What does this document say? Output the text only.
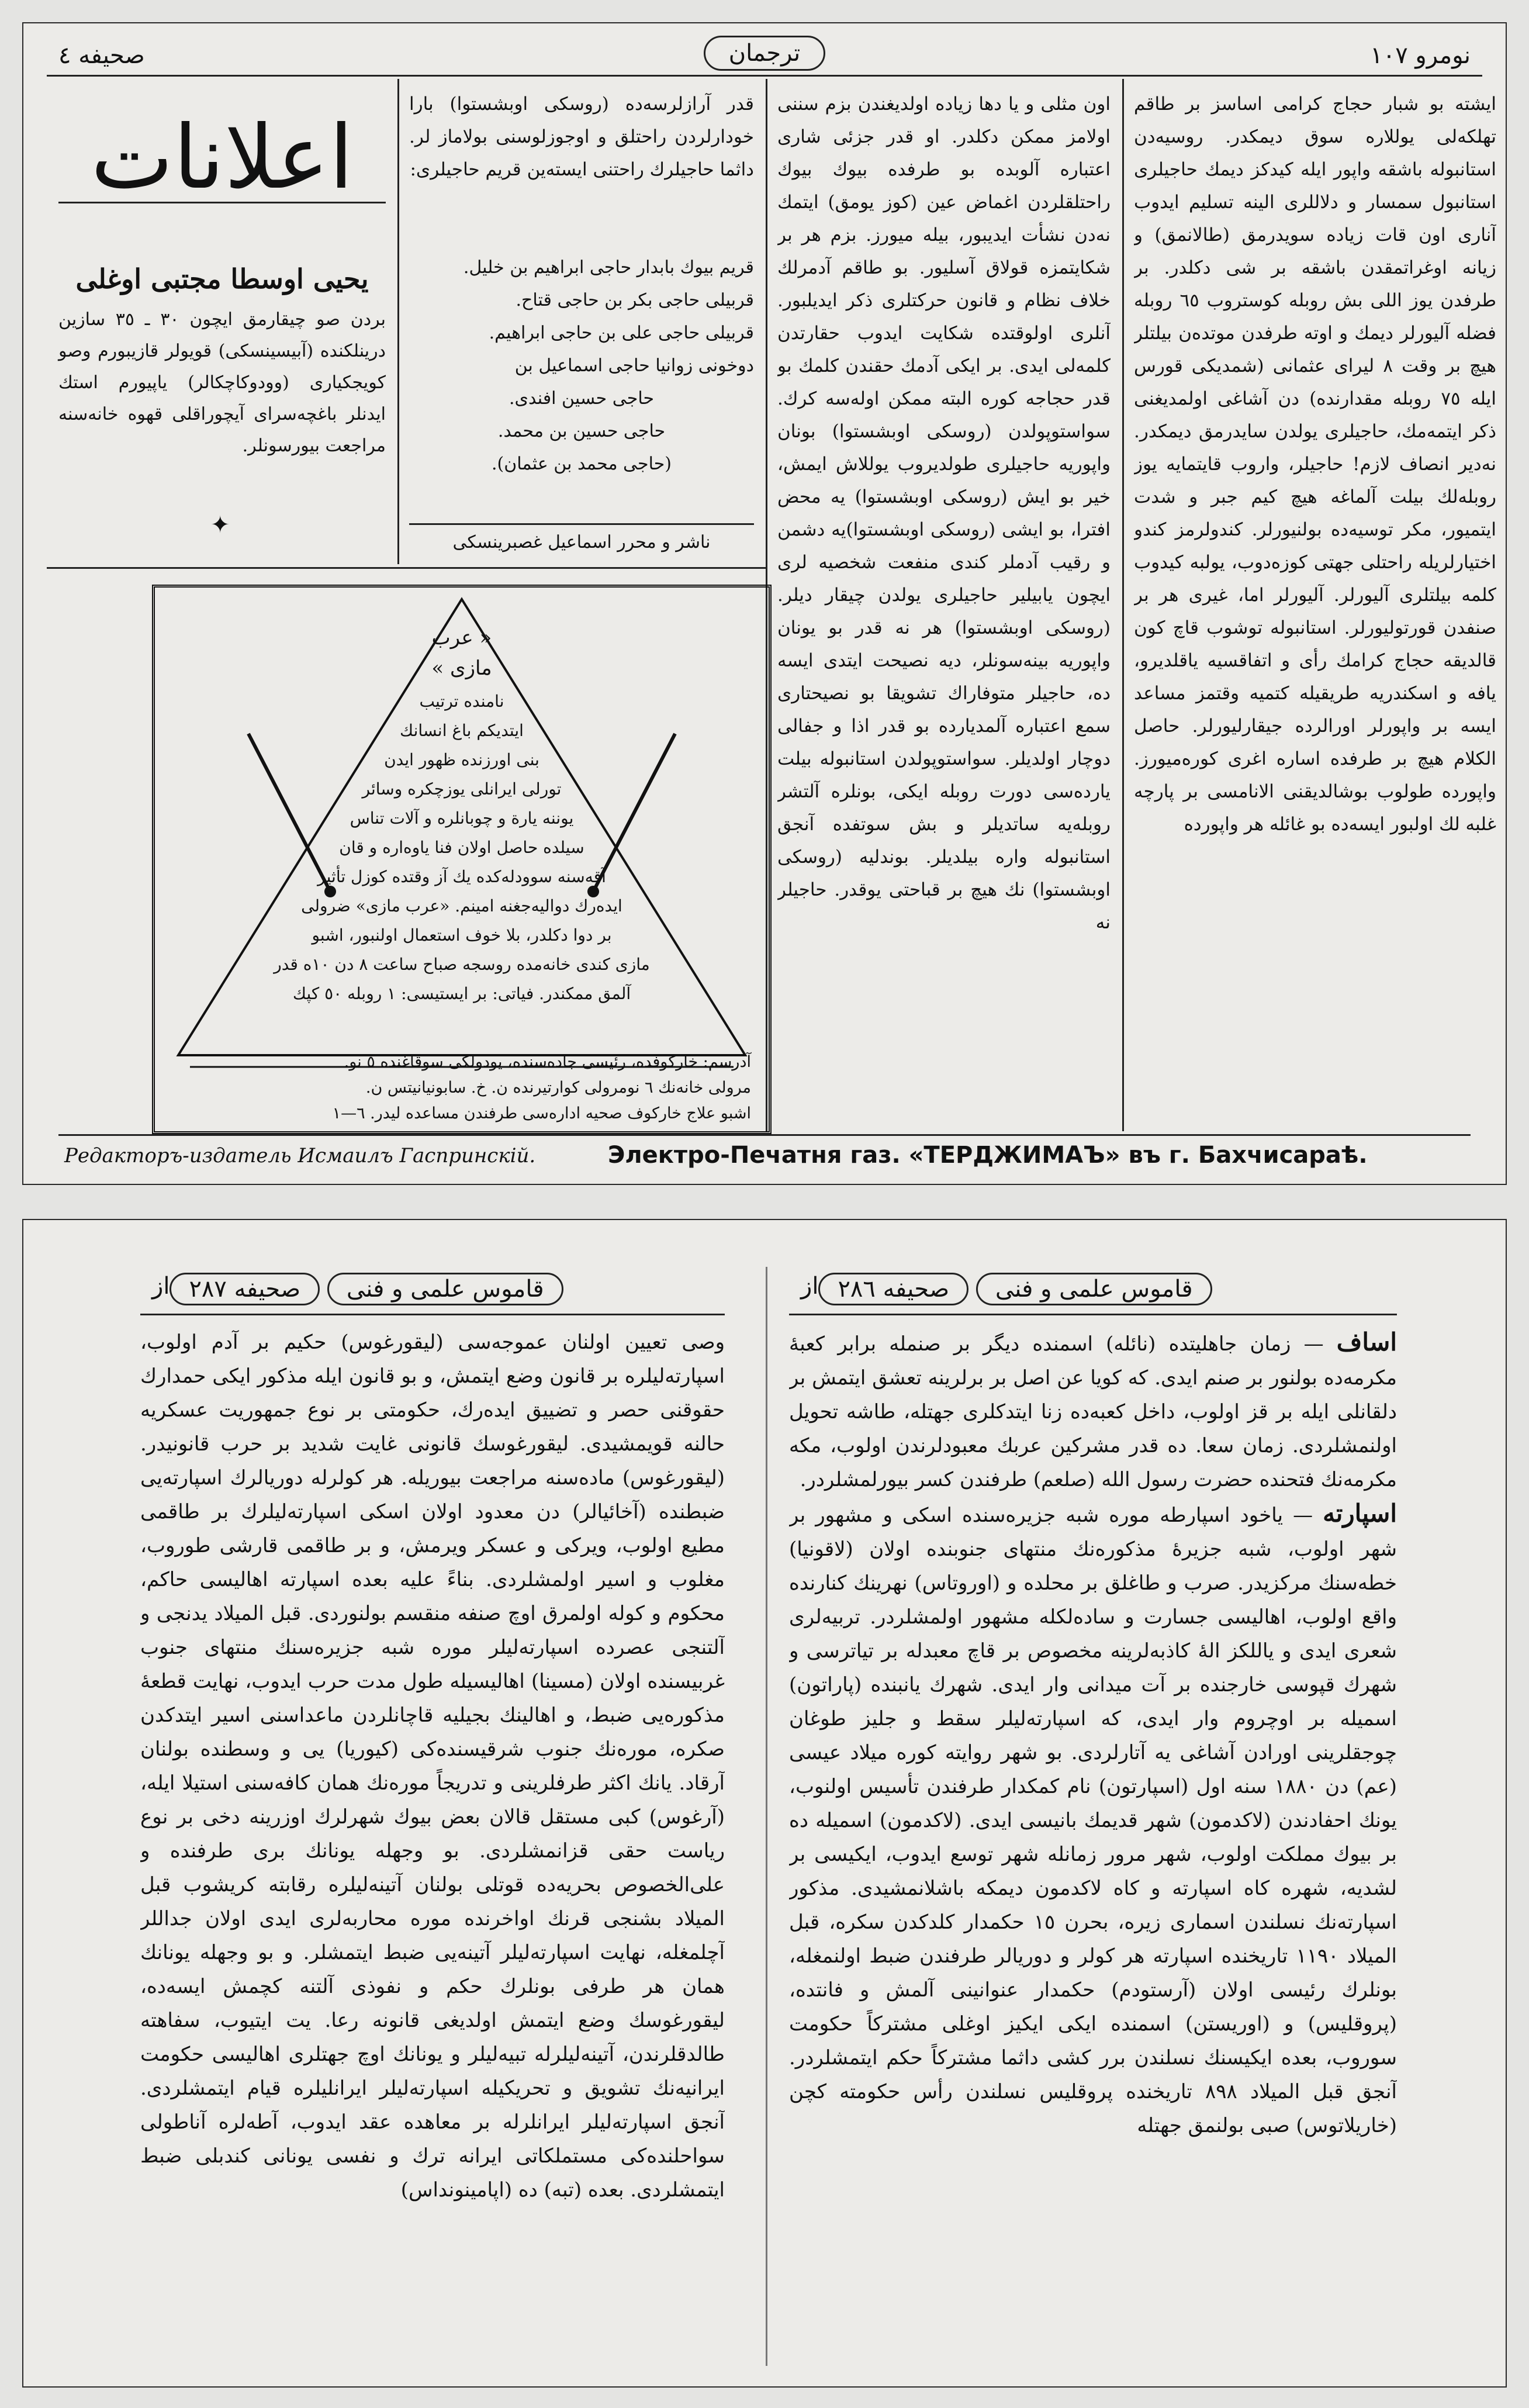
صحيفه ٤	ترجمان	نومرو ١٠٧
ايشته بو شبار حجاج كرامى اساسز بر طاقم تهلكه‌لى يوللاره سوق ديمكدر. روسيه‌دن استانبوله باشقه واپور ايله كيدكز ديمك حاجيلرى استانبول سمسار و دلاللرى الينه تسليم ايدوب آنارى اون قات زياده سويدرمق (طالانمق) و زيانه اوغراتمقدن باشقه بر شى دكلدر. بر طرفدن يوز اللى بش روبله كوستروب ٦٥ روبله فضله آليورلر ديمك و اوته طرفدن موتده‌ن بيلتلر هيچ بر وقت ٨ ليراى عثمانى (شمديكى قورس ايله ٧٥ روبله مقدارنده) دن آشاغى اولمديغنى ذكر ايتمه‌مك، حاجيلرى يولدن سايدرمق ديمكدر. نه‌دير انصاف لازم! حاجيلر، واروب قايتمايه يوز روبله‌لك بيلت آلماغه هيچ كيم جبر و شدت ايتميور، مكر توسيه‌ده بولنيورلر. كندولرمز كندو اختيارلريله راحتلى جهتى كوزه‌دوب، يولبه كيدوب كلمه بيلتلرى آليورلر. آليورلر اما، غيرى هر بر صنفدن قورتوليورلر. استانبوله توشوب قاچ كون قالديقه حجاج كرامك رأى و اتفاقسيه ياقلديرو، يافه و اسكندريه طريقيله كتميه وقتمز مساعد ايسه بر واپورلر اورالرده جيقارليورلر. حاصل الكلام هيچ بر طرفده اساره اغرى كوره‌ميورز. واپورده طولوب بوشالديقنى الانامسى بر پارچه غلبه لك اولبور ايسه‌ده بو غائله هر واپورده
اون مثلى و يا دها زياده اولديغندن بزم سننى اولامز ممكن دكلدر. او قدر جزئى شارى اعتباره آلوبده بو طرفده بيوك بيوك راحتلقلردن اغماض عين (كوز يومق) ايتمك نه‌دن نشأت ايديبور، بيله ميورز. بزم هر بر شكايتمزه قولاق آسليور. بو طاقم آدمرلك خلاف نظام و قانون حركتلرى ذكر ايديلبور. آنلرى اولوقتده شكايت ايدوب حقارتدن كلمه‌لى ايدى. بر ايكى آدمك حقندن كلمك بو قدر حجاجه كوره البته ممكن اوله‌سه كرك. سواستوپولدن (روسكى اوبشستوا) بونان واپوريه حاجيلرى طولديروب يوللاش ايمش، خير بو ايش (روسكى اوبشستوا) يه محض افترا، بو ايشى (روسكى اوبشستوا)يه دشمن و رقيب آدملر كندى منفعت شخصيه لرى ايچون يابيلير حاجيلرى يولدن چيقار ديلر. (روسكى اوبشستوا) هر نه قدر بو يونان واپوريه بينه‌سونلر، ديه نصيحت ايتدى ايسه ده، حاجيلر متوفاراك تشويقا بو نصيحتارى سمع اعتباره آلمديارده بو قدر اذا و جفالى دوچار اولديلر. سواستوپولدن استانبوله بيلت يارده‌سى دورت روبله ايكى، بونلره آلتشر روبله‌يه ساتديلر و بش سوتفده آنجق استانبوله واره بيلديلر. بوندليه (روسكى اوبشستوا) نك هيچ بر قباحتى يوقدر. حاجيلر نه
قدر آرازلرسه‌ده (روسكى اوبشستوا) بارا خودارلردن راحتلق و اوجوزلوسنى بولاماز لر. داثما حاجيلرك راحتنى ايسته‌ين قريم حاجيلرى:
قريم بيوك بابدار حاجى ابراهيم بن خليل.
قربيلى حاجى بكر بن حاجى قتاح.
قربيلى حاجى على بن حاجى ابراهيم.
دوخونى زوانيا حاجى اسماعيل بن
حاجى حسين افندى.
حاجى حسين بن محمد.
(حاجى محمد بن عثمان).
ناشر و محرر اسماعيل غصبرينسكى
اعلانات
يحيى اوسطا مجتبى اوغلى
بردن صو چيقارمق ايچون ٣٠ ـ ٣٥ سازين درينلكنده (آبيسينسكى) قويولر قازيبورم وصو كويجكيارى (وودوكاچكالر) ياپيورم استك ايدنلر باغچه‌سراى آيچوراقلى قهوه خانه‌سنه مراجعت بيورسونلر.
✦
« عرب
مازى »
نامنده ترتيب
ايتديكم باغ انسانك
بنى اورزنده ظهور ايدن
تورلى ايرانلى يوزچكره وسائر
يوننه يارة و چوبانلره و آلات تناس
سيلده حاصل اولان فنا ياوه‌اره و قان
آقه‌سنه سوودله‌كده يك آز وقتده كوزل تأثير
ايده‌رك دواليه‌جغنه امينم. «عرب مازى» ضرولى
بر دوا دكلدر، بلا خوف استعمال اولنبور، اشبو
مازى كندى خانه‌مده روسجه صباح ساعت ٨ دن ١٠ه قدر
آلمق ممكندر. فياتى: بر ايستيسى: ١ روبله ٥٠ كپك
آدرسم: خاركوفده، رئيسى جاده‌سنده، يودولكى سوقاغنده ٥ نو.
مرولى خانه‌نك ٦ نومرولى كوارتيرنده ن. خ. سابونيانيتس ن.
اشبو علاج خاركوف صحيه اداره‌سى طرفندن مساعده ليدر. ٦—١
Редакторъ-издатель Исмаилъ Гаспринскій.	Электро-Печатня газ. «ТЕРДЖИМАЪ» въ г. Бахчисараѣ.
صحيفه ٢٨٧ قاموس علمى و فنى
از	صحيفه ٢٨٦ قاموس علمى و فنى
از
وصى تعيين اولنان عموجه‌سى (ليقورغوس) حكيم بر آدم اولوب، اسپارته‌ليلره بر قانون وضع ايتمش، و بو قانون ايله مذكور ايكى حمدارك حقوقنى حصر و تضييق ايده‌رك، حكومتى بر نوع جمهوريت عسكريه حالنه قويمشيدى. ليقورغوسك قانونى غايت شديد بر حرب قانونيدر. (ليقورغوس) ماده‌سنه مراجعت بيوريله. هر كولرله دوريالرك اسپارته‌يى ضبطنده (آخائيالر) دن معدود اولان اسكى اسپارته‌ليلرك بر طاقمى مطيع اولوب، ويركى و عسكر ويرمش، و بر طاقمى قارشى طوروب، مغلوب و اسير اولمشلردى. بناءً عليه بعده اسپارته اهاليسى حاكم، محكوم و كوله اولمرق اوچ صنفه منقسم بولنوردى. قبل الميلاد يدنجى و آلتنجى عصرده اسپارته‌ليلر موره شبه جزيره‌سنك منتهاى جنوب غربيسنده اولان (مسينا) اهاليسيله طول مدت حرب ايدوب، نهايت قطعهٔ مذكوره‌يى ضبط، و اهالينك بجيليه قاچانلردن ماعداسنى اسير ايتدكدن صكره، موره‌نك جنوب شرقيسنده‌كى (كيوريا) يى و وسطنده بولنان آرقاد. يانك اكثر طرفلرينى و تدريجاً موره‌نك همان كافه‌سنى استيلا ايله، (آرغوس) كبى مستقل قالان بعض بيوك شهرلرك اوزرينه دخى بر نوع رياست حقى قزانمشلردى. بو وجهله يونانك برى طرفنده و على‌الخصوص بحريه‌ده قوتلى بولنان آتينه‌ليلره رقابته كريشوب قبل الميلاد بشنجى قرنك اواخرنده موره محاربه‌لرى ايدى اولان جداللر آچلمغله، نهايت اسپارته‌ليلر آتينه‌يى ضبط ايتمشلر. و بو وجهله يونانك همان هر طرفى بونلرك حكم و نفوذى آلتنه كچمش ايسه‌ده، ليقورغوسك وضع ايتمش اولديغى قانونه رعا. يت ايتيوب، سفاهته طالدقلرندن، آتينه‌ليلرله تبيه‌ليلر و يونانك اوچ جهتلرى اهاليسى حكومت ايرانيه‌نك تشويق و تحريكيله اسپارته‌ليلر ايرانليلره قيام ايتمشلردى. آنجق اسپارته‌ليلر ايرانلرله بر معاهده عقد ايدوب، آطه‌لره آناطولى سواحلنده‌كى مستملكاتى ايرانه ترك و نفسى يونانى كندبلى ضبط ايتمشلردى. بعده (تبه) ده (اپامينونداس)
اساف — زمان جاهليتده (نائله) اسمنده ديگر بر صنمله برابر كعبهٔ مكرمه‌ده بولنور بر صنم ايدى. كه كويا عن اصل بر برلرينه تعشق ايتمش بر دلقانلى ايله بر قز اولوب، داخل كعبه‌ده زنا ايتدكلرى جهتله، طاشه تحويل اولنمشلردى. زمان سعا. ده قدر مشركين عربك معبودلرندن اولوب، مكه مكرمه‌نك فتحنده حضرت رسول الله (صلعم) طرفندن كسر بيورلمشلردر.
اسپارته — ياخود اسپارطه موره شبه جزيره‌سنده اسكى و مشهور بر شهر اولوب، شبه جزيرهٔ مذكوره‌نك منتهاى جنوبنده اولان (لاقونيا) خطه‌سنك مركزيدر. صرب و طاغلق بر محلده و (اوروتاس) نهرينك كنارنده واقع اولوب، اهاليسى جسارت و ساده‌لكله مشهور اولمشلردر. تربيه‌لرى شعرى ايدى و ياللكز الهٔ كاذبه‌لرينه مخصوص بر قاچ معبدله بر تياترسى و شهرك قپوسى خارجنده بر آت ميدانى وار ايدى. شهرك يانبنده (پاراتون) اسميله بر اوچروم وار ايدى، كه اسپارته‌ليلر سقط و جليز طوغان چوجقلرينى اورادن آشاغى يه آتارلردى. بو شهر روايته كوره ميلاد عيسى (عم) دن ١٨٨٠ سنه اول (اسپارتون) نام كمكدار طرفندن تأسيس اولنوب، يونك احفادندن (لاكدمون) شهر قديمك بانيسى ايدى. (لاكدمون) اسميله ده بر بيوك مملكت اولوب، شهر مرور زمانله شهر توسع ايدوب، ايكيسى بر لشديه، شهره كاه اسپارته و كاه لاكدمون ديمكه باشلانمشيدى. مذكور اسپارته‌نك نسلندن اسمارى زيره، بحرن ١٥ حكمدار كلدكدن سكره، قبل الميلاد ١١٩٠ تاريخنده اسپارته هر كولر و دوريالر طرفندن ضبط اولنمغله، بونلرك رئيسى اولان (آرستودم) حكمدار عنوانينى آلمش و فانتده، (پروقليس) و (اوريستن) اسمنده ايكى ايكيز اوغلى مشتركاً حكومت سوروب، بعده ايكيسنك نسلندن برر كشى داثما مشتركاً حكم ايتمشلردر. آنجق قبل الميلاد ٨٩٨ تاريخنده پروقليس نسلندن رأس حكومته كچن (خاريلاتوس) صبى بولنمق جهتله
